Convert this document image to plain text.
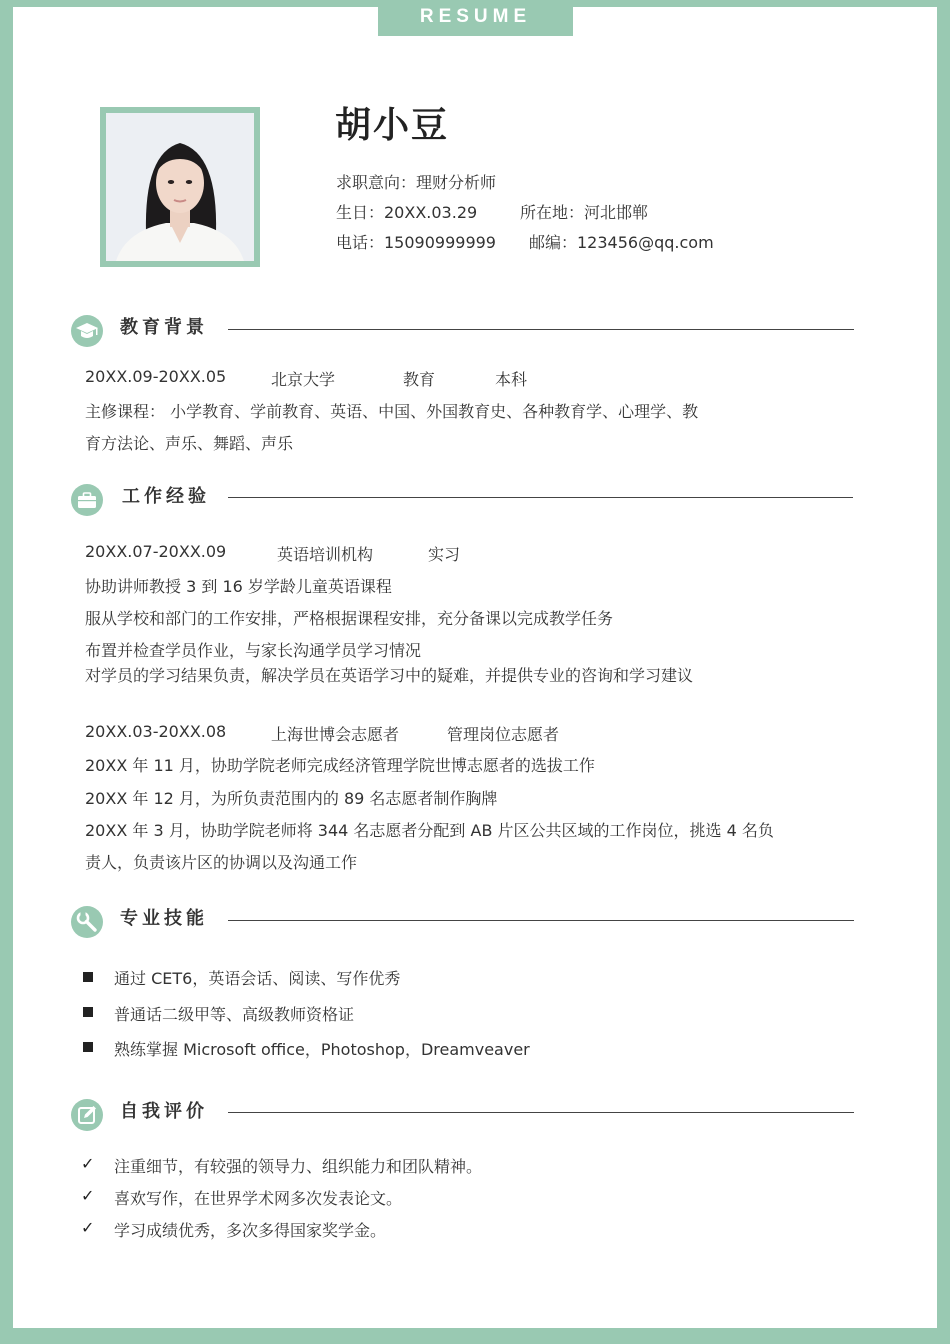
RESUME
胡小豆
求职意向：理财分析师
生日：20XX.03.29	所在地：河北邯郸
电话：15090999999 邮编：123456@qq.com
教育背景
20XX.09-20XX.05	北京大学	教育	本科
主修课程： 小学教育、学前教育、英语、中国、外国教育史、各种教育学、心理学、教
育方法论、声乐、舞蹈、声乐
工作经验
20XX.07-20XX.09	英语培训机构	实习
协助讲师教授 3 到 16 岁学龄儿童英语课程
服从学校和部门的工作安排，严格根据课程安排，充分备课以完成教学任务
布置并检查学员作业，与家长沟通学员学习情况
对学员的学习结果负责，解决学员在英语学习中的疑难，并提供专业的咨询和学习建议
20XX.03-20XX.08	上海世博会志愿者	管理岗位志愿者
20XX 年 11 月，协助学院老师完成经济管理学院世博志愿者的选拔工作
20XX 年 12 月，为所负责范围内的 89 名志愿者制作胸牌
20XX 年 3 月，协助学院老师将 344 名志愿者分配到 AB 片区公共区域的工作岗位，挑选 4 名负
责人，负责该片区的协调以及沟通工作
专业技能
通过 CET6，英语会话、阅读、写作优秀
普通话二级甲等、高级教师资格证
熟练掌握 Microsoft office，Photoshop，Dreamveaver
自我评价
✓ 注重细节，有较强的领导力、组织能力和团队精神。
✓ 喜欢写作，在世界学术网多次发表论文。
✓ 学习成绩优秀，多次多得国家奖学金。
